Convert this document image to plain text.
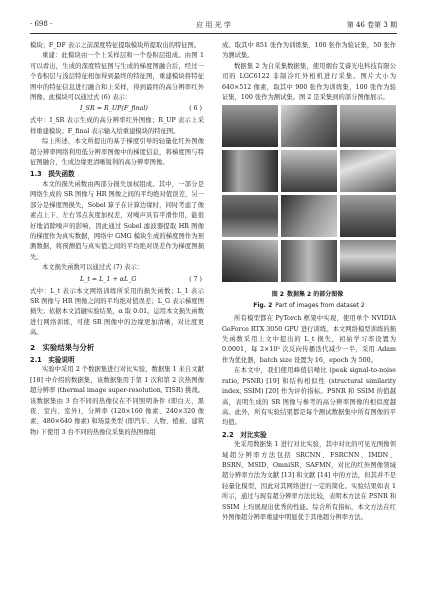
· 698 ·	应 用 光 学	第 46 卷第 3 期

模块；F_DF 表示之前深度特征提取模块所提取出的特征图。

重建：此模块由一个上采样层和一个卷积层组成。由图 1 可以看出，生成的深度特征图与生成的梯度图融合后，经过一个卷积层与浅层特征相加得到最终的特征图，重建模块将特征图中的特征信息进行融合和上采样，得到最终的高分辨率红外图像。此模块可以通过式 (6) 表示：

I_SR = R_UP(F_final)	( 6 )

式中：I_SR 表示生成的高分辨率红外图像；R_UP 表示上采样重建模块；F_final 表示输入给重建模块的特征图。

综上所述，本文所提出的基于梯度引导的轻量化红外图像超分辨率网络利用低分辨率图像中的梯度信息，将梯度图与特征图融合，生成边缘更清晰锐利的高分辨率图像。

1.3　损失函数

本文的损失函数由两部分损失加权组成。其中，一部分是网络生成的 SR 图像与 HR 图像之间的平均绝对值误差，另一部分是梯度图损失，Sobel 算子在计算边缘时，同时考虑了像素点上下、左右邻点灰度加权差，对噪声具有平滑作用，能很好地消除噪声的影响，因此通过 Sobel 滤波器提取 HR 图像的梯度作为真实数据，网络中 GMG 模块生成的梯度图作为预测数据，将预测值与真实值之间的平均绝对误差作为梯度图损失。

本文损失函数可以通过式 (7) 表示：

L_t = L_1 + αL_G	( 7 )

式中：L_t 表示本文网络训练所采用的损失函数；L_1 表示 SR 图像与 HR 图像之间的平均绝对值误差；L_G 表示梯度图损失；依据本文消融实验结果，α 取 0.01。运用本文损失函数进行网络训练，可使 SR 图像中的边缘更加清晰，对比度更高。

2　实验结果与分析
2.1　实验说明

实验中采用 2 个数据集进行对比实验，数据集 1 来自文献 [18] 中介绍的数据集，该数据集用于第 1 次和第 2 次热图像超分辨率 (thermal image super-resolution, TISR) 挑战。该数据集由 3 台不同的热像仪在不同照明条件 (即白天、黑夜、室内、室外)，分辨率 (120×160 像素、240×320 像素、480×640 像素) 和场景类型 (即汽车、人物、植被、建筑物) 下使用 3 台不同的热像仪采集的热图像组

成。取其中 851 张作为训练集，100 张作为验证集，50 张作为测试集。

数据集 2 为自采集数据集，使用烟台艾睿光电科技有限公司的 LGC6122 非制冷红外相机进行采集。图片大小为 640×512 像素，取其中 900 张作为训练集，100 张作为验证集，100 张作为测试集。图 2 是采集到的部分图像展示。

图 2 数据集 2 的部分图像
Fig. 2 Part of images from dataset 2

所有模型都在 PyTorch 框架中实现，使用单个 NVIDIA GeForce RTX 3050 GPU 进行训练。本文网络模型训练的损失函数采用上文中提出的 L_t 损失，初始学习率设置为 0.0001，每 2×10⁵ 次反向传播迭代减少一半，采用 Adam 作为优化器，batch size 设置为 16，epoch 为 500。

在本文中，我们使用峰值信噪比 (peak signal-to-noise ratio, PSNR) [19] 和结构相似性 (structural similarity index, SSIM) [20] 作为评价指标。PSNR 和 SSIM 的值越高，表明生成的 SR 图像与参考的高分辨率图像的相似度越高。此外，所有实验结果都是每个测试数据集中所有图像的平均值。

2.2　对比实验

先采用数据集 1 进行对比实验，其中对比的可见光图像领域超分辨率方法包括 SRCNN、FSRCNN、IMDN、BSRN、MSID、OmniSR、SAFMN，对比的红外图像领域超分辨率方法为文献 [13] 和文献 [14] 中的方法，但其并不是轻量化模型，因此对其网络进行一定的简化。实验结果如表 1 所示，通过与现有超分辨率方法比较，表明本方法在 PSNR 和 SSIM 上均展现出优秀的性能。综合所有指标，本文方法在红外图像超分辨率重建中明显优于其他超分辨率方法。
